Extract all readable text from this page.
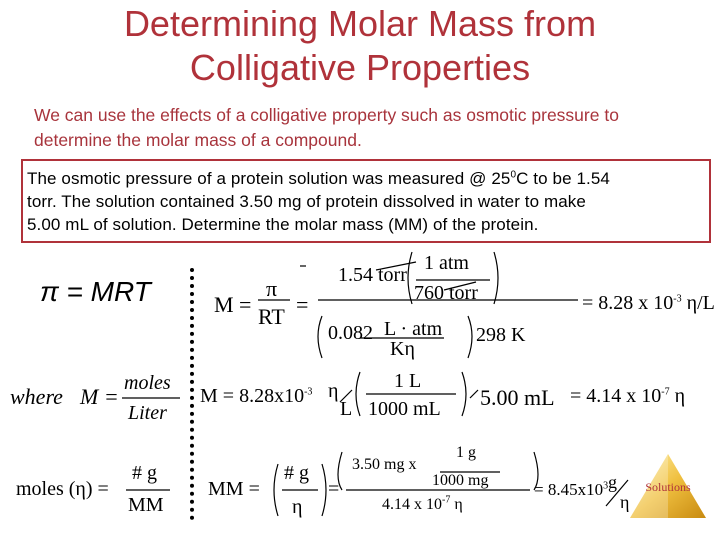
Determining Molar Mass from
Colligative Properties
We can use the effects of a colligative property such as osmotic pressure to
determine the molar mass of a compound.
The osmotic pressure of a protein solution was measured @ $25^0C$ to be 1.54
torr. The solution contained 3.50 mg of protein dissolved in water to make
5.00 mL of solution. Determine the molar mass (MM) of the protein.
π = MRT	M =
π
RT =
1.54 torr
1 atm
760 torr
0.082 L · atm
Kη
298 K
= 8.28 x $10^{-3}$ η/L
where M =
moles
Liter
$M = 8.28x10^{-3}$ η
L
1 L
1000 mL 5.00 mL = 4.14 x $10^{-7}$ η
moles (η) =
# g
MM
MM =
# g
η
=
3.50 mg x
1 g
1000 mg
4.14 x $10^{-7}$ η
= $8.45x10^3$ g
η
Solutions
